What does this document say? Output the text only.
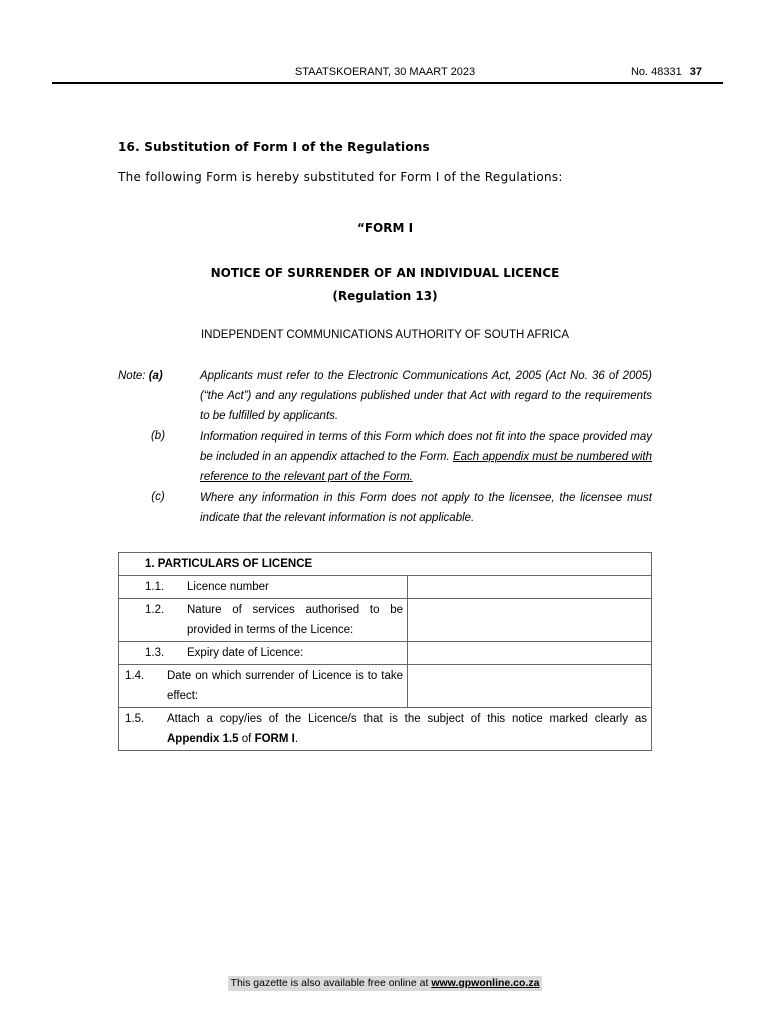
STAATSKOERANT, 30 MAART 2023	No. 48331 37
16. Substitution of Form I of the Regulations
The following Form is hereby substituted for Form I of the Regulations:
“FORM I
NOTICE OF SURRENDER OF AN INDIVIDUAL LICENCE
(Regulation 13)
INDEPENDENT COMMUNICATIONS AUTHORITY OF SOUTH AFRICA
Note: (a)	Applicants must refer to the Electronic Communications Act, 2005 (Act No. 36 of 2005) (“the Act”) and any regulations published under that Act with regard to the requirements to be fulfilled by applicants.
(b)	Information required in terms of this Form which does not fit into the space provided may be included in an appendix attached to the Form. Each appendix must be numbered with reference to the relevant part of the Form.
(c)	Where any information in this Form does not apply to the licensee, the licensee must indicate that the relevant information is not applicable.
1. PARTICULARS OF LICENCE	

1.1. Licence number	

1.2. Nature of services authorised to be provided in terms of the Licence:	

1.3. Expiry date of Licence:	

1.4. Date on which surrender of Licence is to take effect:	

1.5. Attach a copy/ies of the Licence/s that is the subject of this notice marked clearly as Appendix 1.5 of FORM I.	
This gazette is also available free online at www.gpwonline.co.za
